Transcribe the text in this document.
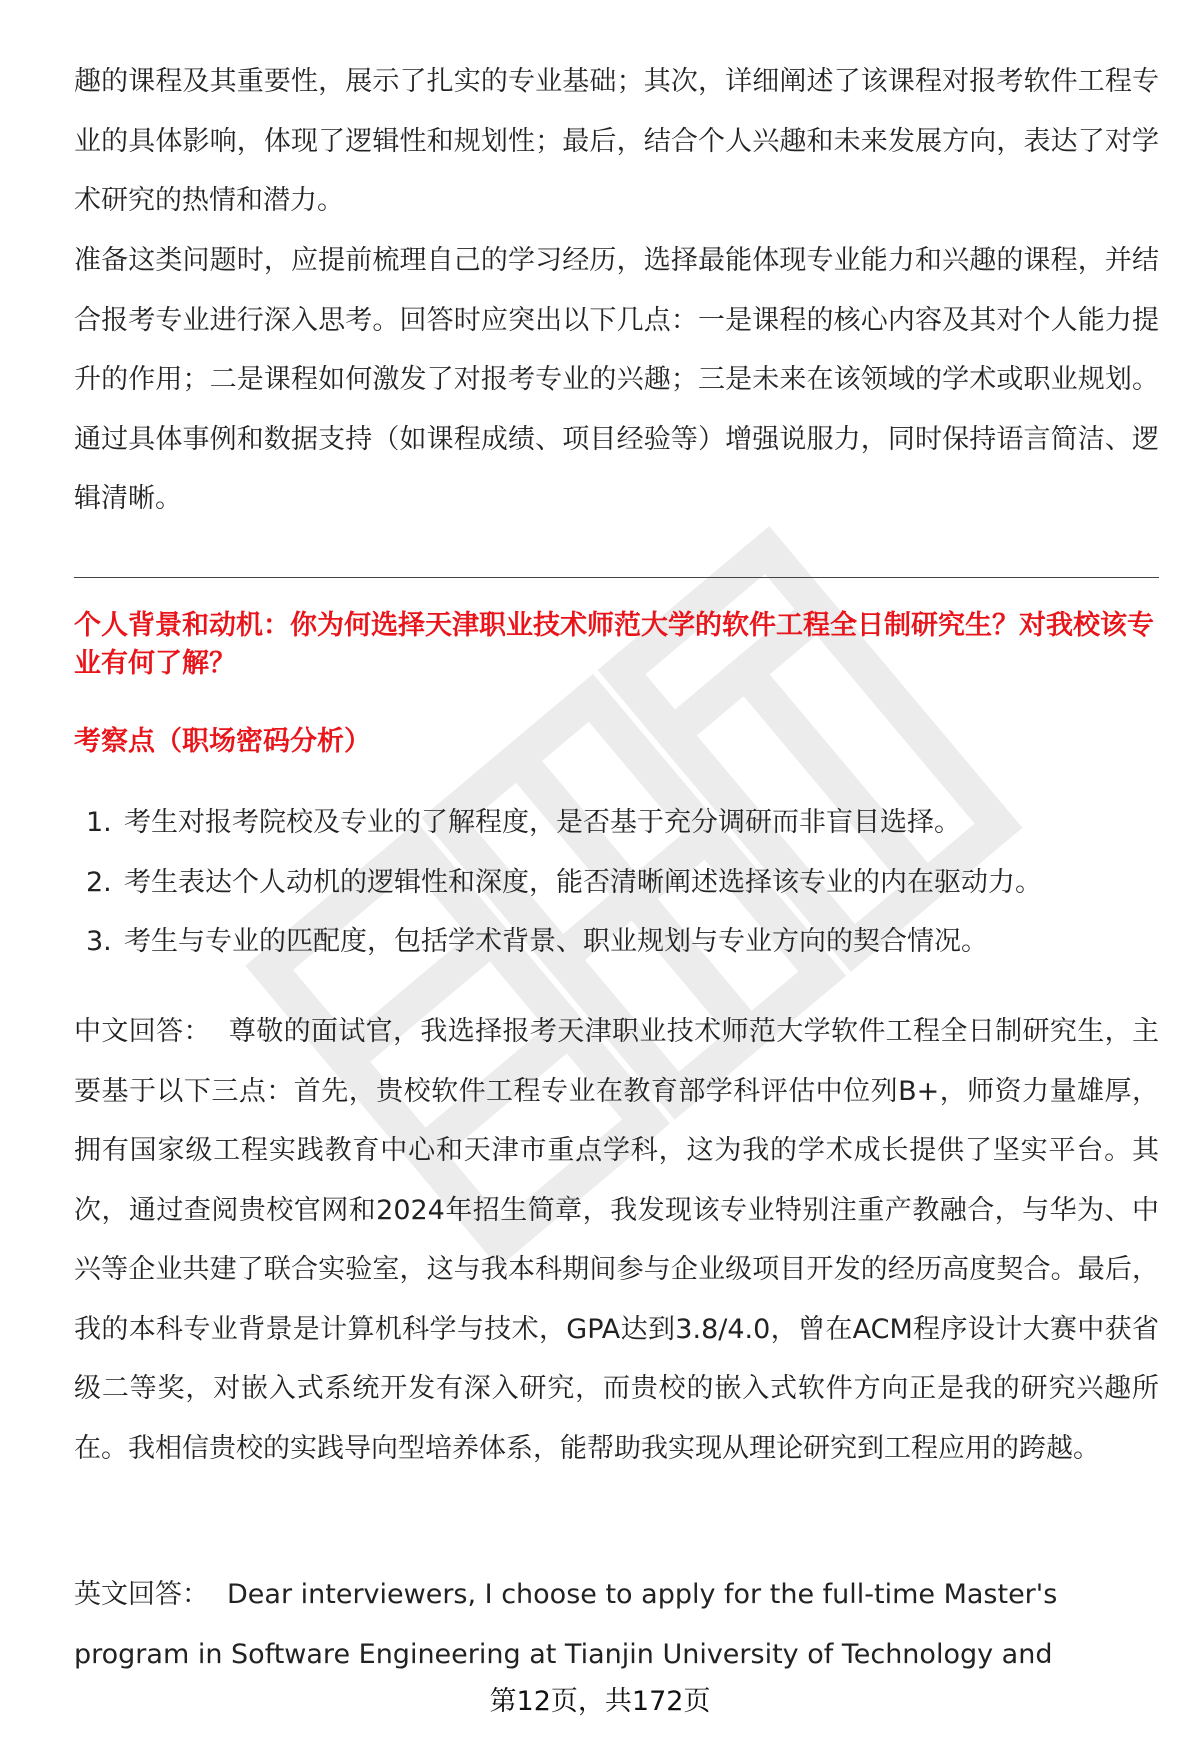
趣的课程及其重要性，展示了扎实的专业基础；其次，详细阐述了该课程对报考软件工程专业的具体影响，体现了逻辑性和规划性；最后，结合个人兴趣和未来发展方向，表达了对学术研究的热情和潜力。

准备这类问题时，应提前梳理自己的学习经历，选择最能体现专业能力和兴趣的课程，并结合报考专业进行深入思考。回答时应突出以下几点：一是课程的核心内容及其对个人能力提升的作用；二是课程如何激发了对报考专业的兴趣；三是未来在该领域的学术或职业规划。通过具体事例和数据支持（如课程成绩、项目经验等）增强说服力，同时保持语言简洁、逻辑清晰。

个人背景和动机：你为何选择天津职业技术师范大学的软件工程全日制研究生？对我校该专业有何了解？
考察点（职场密码分析）
1. 考生对报考院校及专业的了解程度，是否基于充分调研而非盲目选择。
2. 考生表达个人动机的逻辑性和深度，能否清晰阐述选择该专业的内在驱动力。
3. 考生与专业的匹配度，包括学术背景、职业规划与专业方向的契合情况。

中文回答： 尊敬的面试官，我选择报考天津职业技术师范大学软件工程全日制研究生，主要基于以下三点：首先，贵校软件工程专业在教育部学科评估中位列B+，师资力量雄厚，拥有国家级工程实践教育中心和天津市重点学科，这为我的学术成长提供了坚实平台。其次，通过查阅贵校官网和2024年招生简章，我发现该专业特别注重产教融合，与华为、中兴等企业共建了联合实验室，这与我本科期间参与企业级项目开发的经历高度契合。最后，我的本科专业背景是计算机科学与技术，GPA达到3.8/4.0，曾在ACM程序设计大赛中获省级二等奖，对嵌入式系统开发有深入研究，而贵校的嵌入式软件方向正是我的研究兴趣所在。我相信贵校的实践导向型培养体系，能帮助我实现从理论研究到工程应用的跨越。

英文回答： Dear interviewers, I choose to apply for the full-time Master's program in Software Engineering at Tianjin University of Technology and

第12页，共172页
